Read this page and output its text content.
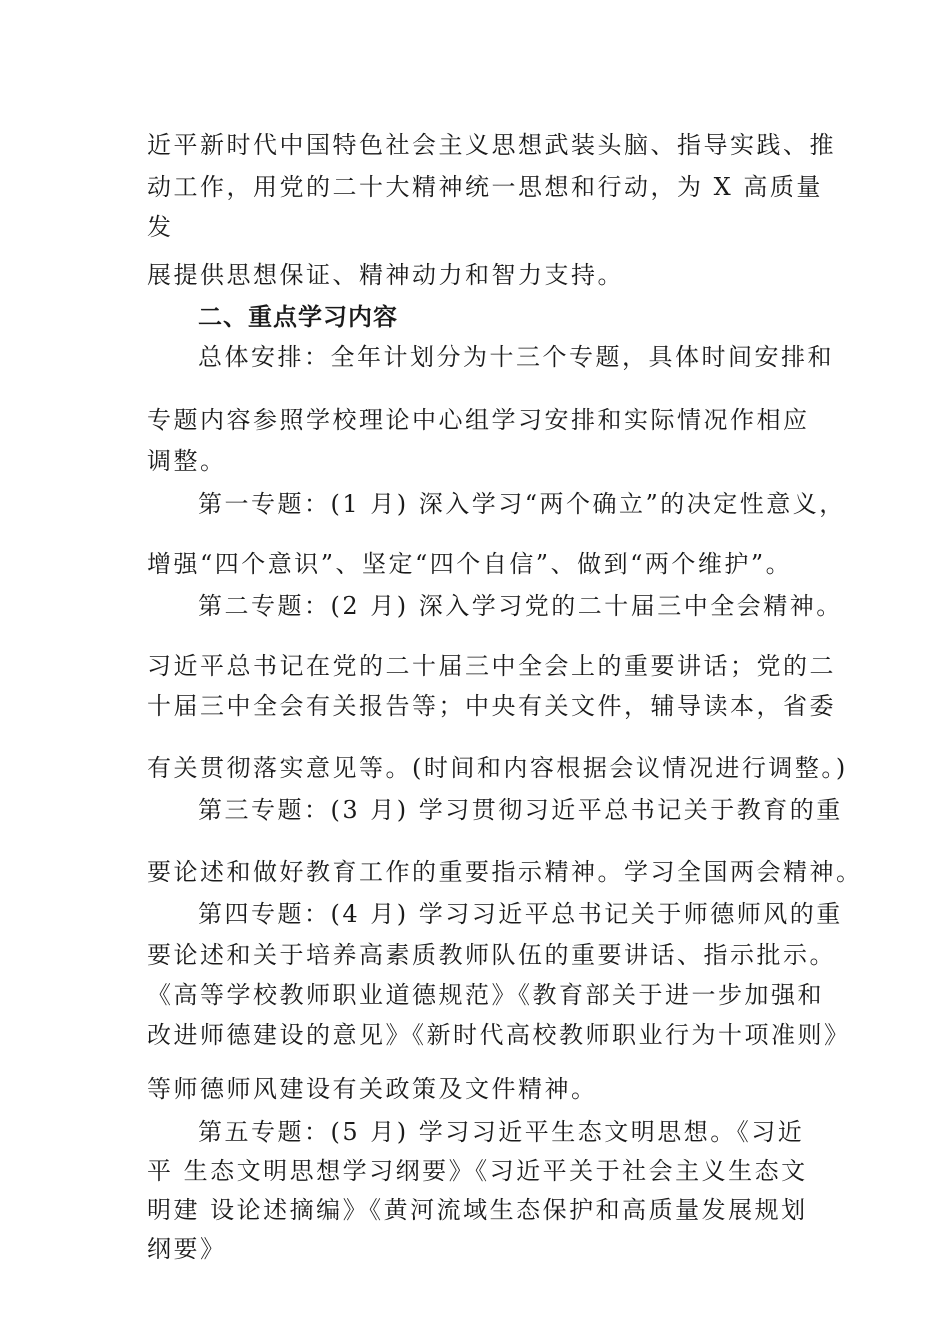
近平新时代中国特色社会主义思想武装头脑、指导实践、推
动工作，用党的二十大精神统一思想和行动，为 X 高质量
发
展提供思想保证、精神动力和智力支持。
二、重点学习内容
总体安排：全年计划分为十三个专题，具体时间安排和
专题内容参照学校理论中心组学习安排和实际情况作相应
调整。
第一专题：(1 月) 深入学习“两个确立”的决定性意义，
增强“四个意识”、坚定“四个自信”、做到“两个维护”。
第二专题：(2 月) 深入学习党的二十届三中全会精神。
习近平总书记在党的二十届三中全会上的重要讲话；党的二
十届三中全会有关报告等；中央有关文件，辅导读本，省委
有关贯彻落实意见等。(时间和内容根据会议情况进行调整。)
第三专题：(3 月) 学习贯彻习近平总书记关于教育的重
要论述和做好教育工作的重要指示精神。学习全国两会精神。
第四专题：(4 月) 学习习近平总书记关于师德师风的重
要论述和关于培养高素质教师队伍的重要讲话、指示批示。
《高等学校教师职业道德规范》《教育部关于进一步加强和
改进师德建设的意见》《新时代高校教师职业行为十项准则》
等师德师风建设有关政策及文件精神。
第五专题：(5 月) 学习习近平生态文明思想。《习近
平 生态文明思想学习纲要》《习近平关于社会主义生态文
明建 设论述摘编》《黄河流域生态保护和高质量发展规划
纲要》
